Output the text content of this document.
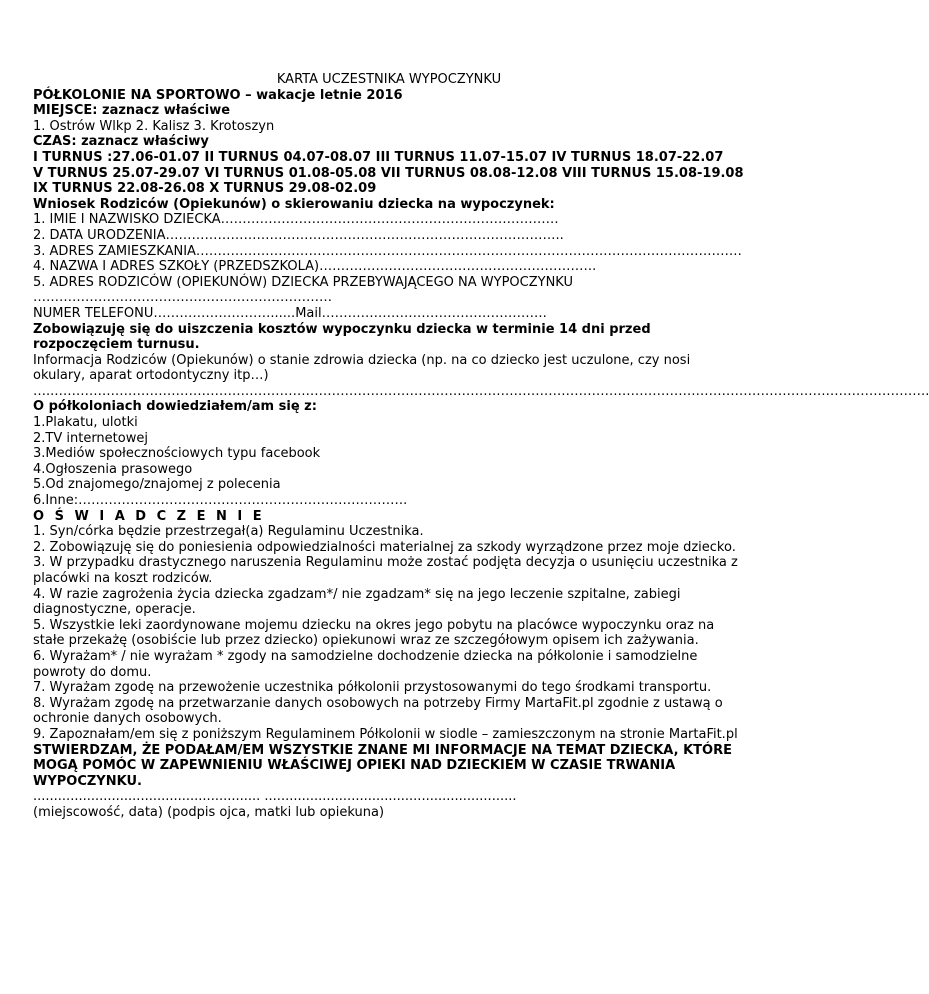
KARTA UCZESTNIKA WYPOCZYNKU
PÓŁKOLONIE NA SPORTOWO – wakacje letnie 2016
MIEJSCE: zaznacz właściwe
1. Ostrów Wlkp 2. Kalisz 3. Krotoszyn
CZAS: zaznacz właściwy
I TURNUS :27.06-01.07 II TURNUS 04.07-08.07 III TURNUS 11.07-15.07 IV TURNUS 18.07-22.07
V TURNUS 25.07-29.07 VI TURNUS 01.08-05.08 VII TURNUS 08.08-12.08 VIII TURNUS 15.08-19.08
IX TURNUS 22.08-26.08 X TURNUS 29.08-02.09
Wniosek Rodziców (Opiekunów) o skierowaniu dziecka na wypoczynek:
1. IMIE I NAZWISKO DZIECKA……………………………………………………………………
2. DATA URODZENIA………………………………………………………………………………..
3. ADRES ZAMIESZKANIA………………………………………………………………………………………………………………
4. NAZWA I ADRES SZKOŁY (PRZEDSZKOLA)……………………………………………………….
5. ADRES RODZICÓW (OPIEKUNÓW) DZIECKA PRZEBYWAJĄCEGO NA WYPOCZYNKU
……………………………………………………………
NUMER TELEFONU………………………......Mail…………………………………………….
Zobowiązuję się do uiszczenia kosztów wypoczynku dziecka w terminie 14 dni przed rozpoczęciem turnusu.
Informacja Rodziców (Opiekunów) o stanie zdrowia dziecka (np. na co dziecko jest uczulone, czy nosi okulary, aparat ortodontyczny itp…)
…..………………………………………………………………………………………………………………………………………………………………………………….
O półkoloniach dowiedziałem/am się z:
1.Plakatu, ulotki
2.TV internetowej
3.Mediów społecznościowych typu facebook
4.Ogłoszenia prasowego
5.Od znajomego/znajomej z polecenia
6.Inne:………………………………………………………………….
O Ś W I A D C Z E N I E
1. Syn/córka będzie przestrzegał(a) Regulaminu Uczestnika.
2. Zobowiązuję się do poniesienia odpowiedzialności materialnej za szkody wyrządzone przez moje dziecko.
3. W przypadku drastycznego naruszenia Regulaminu może zostać podjęta decyzja o usunięciu uczestnika z placówki na koszt rodziców.
4. W razie zagrożenia życia dziecka zgadzam*/ nie zgadzam* się na jego leczenie szpitalne, zabiegi diagnostyczne, operacje.
5. Wszystkie leki zaordynowane mojemu dziecku na okres jego pobytu na placówce wypoczynku oraz na stałe przekażę (osobiście lub przez dziecko) opiekunowi wraz ze szczegółowym opisem ich zażywania.
6. Wyrażam* / nie wyrażam * zgody na samodzielne dochodzenie dziecka na półkolonie i samodzielne powroty do domu.
7. Wyrażam zgodę na przewożenie uczestnika półkolonii przystosowanymi do tego środkami transportu.
8. Wyrażam zgodę na przetwarzanie danych osobowych na potrzeby Firmy MartaFit.pl zgodnie z ustawą o ochronie danych osobowych.
9. Zapoznałam/em się z poniższym Regulaminem Półkolonii w siodle – zamieszczonym na stronie MartaFit.pl
STWIERDZAM, ŻE PODAŁAM/EM WSZYSTKIE ZNANE MI INFORMACJE NA TEMAT DZIECKA, KTÓRE MOGĄ POMÓC W ZAPEWNIENIU WŁAŚCIWEJ OPIEKI NAD DZIECKIEM W CZASIE TRWANIA WYPOCZYNKU.
....................................................... .............................................................
(miejscowość, data) (podpis ojca, matki lub opiekuna)
